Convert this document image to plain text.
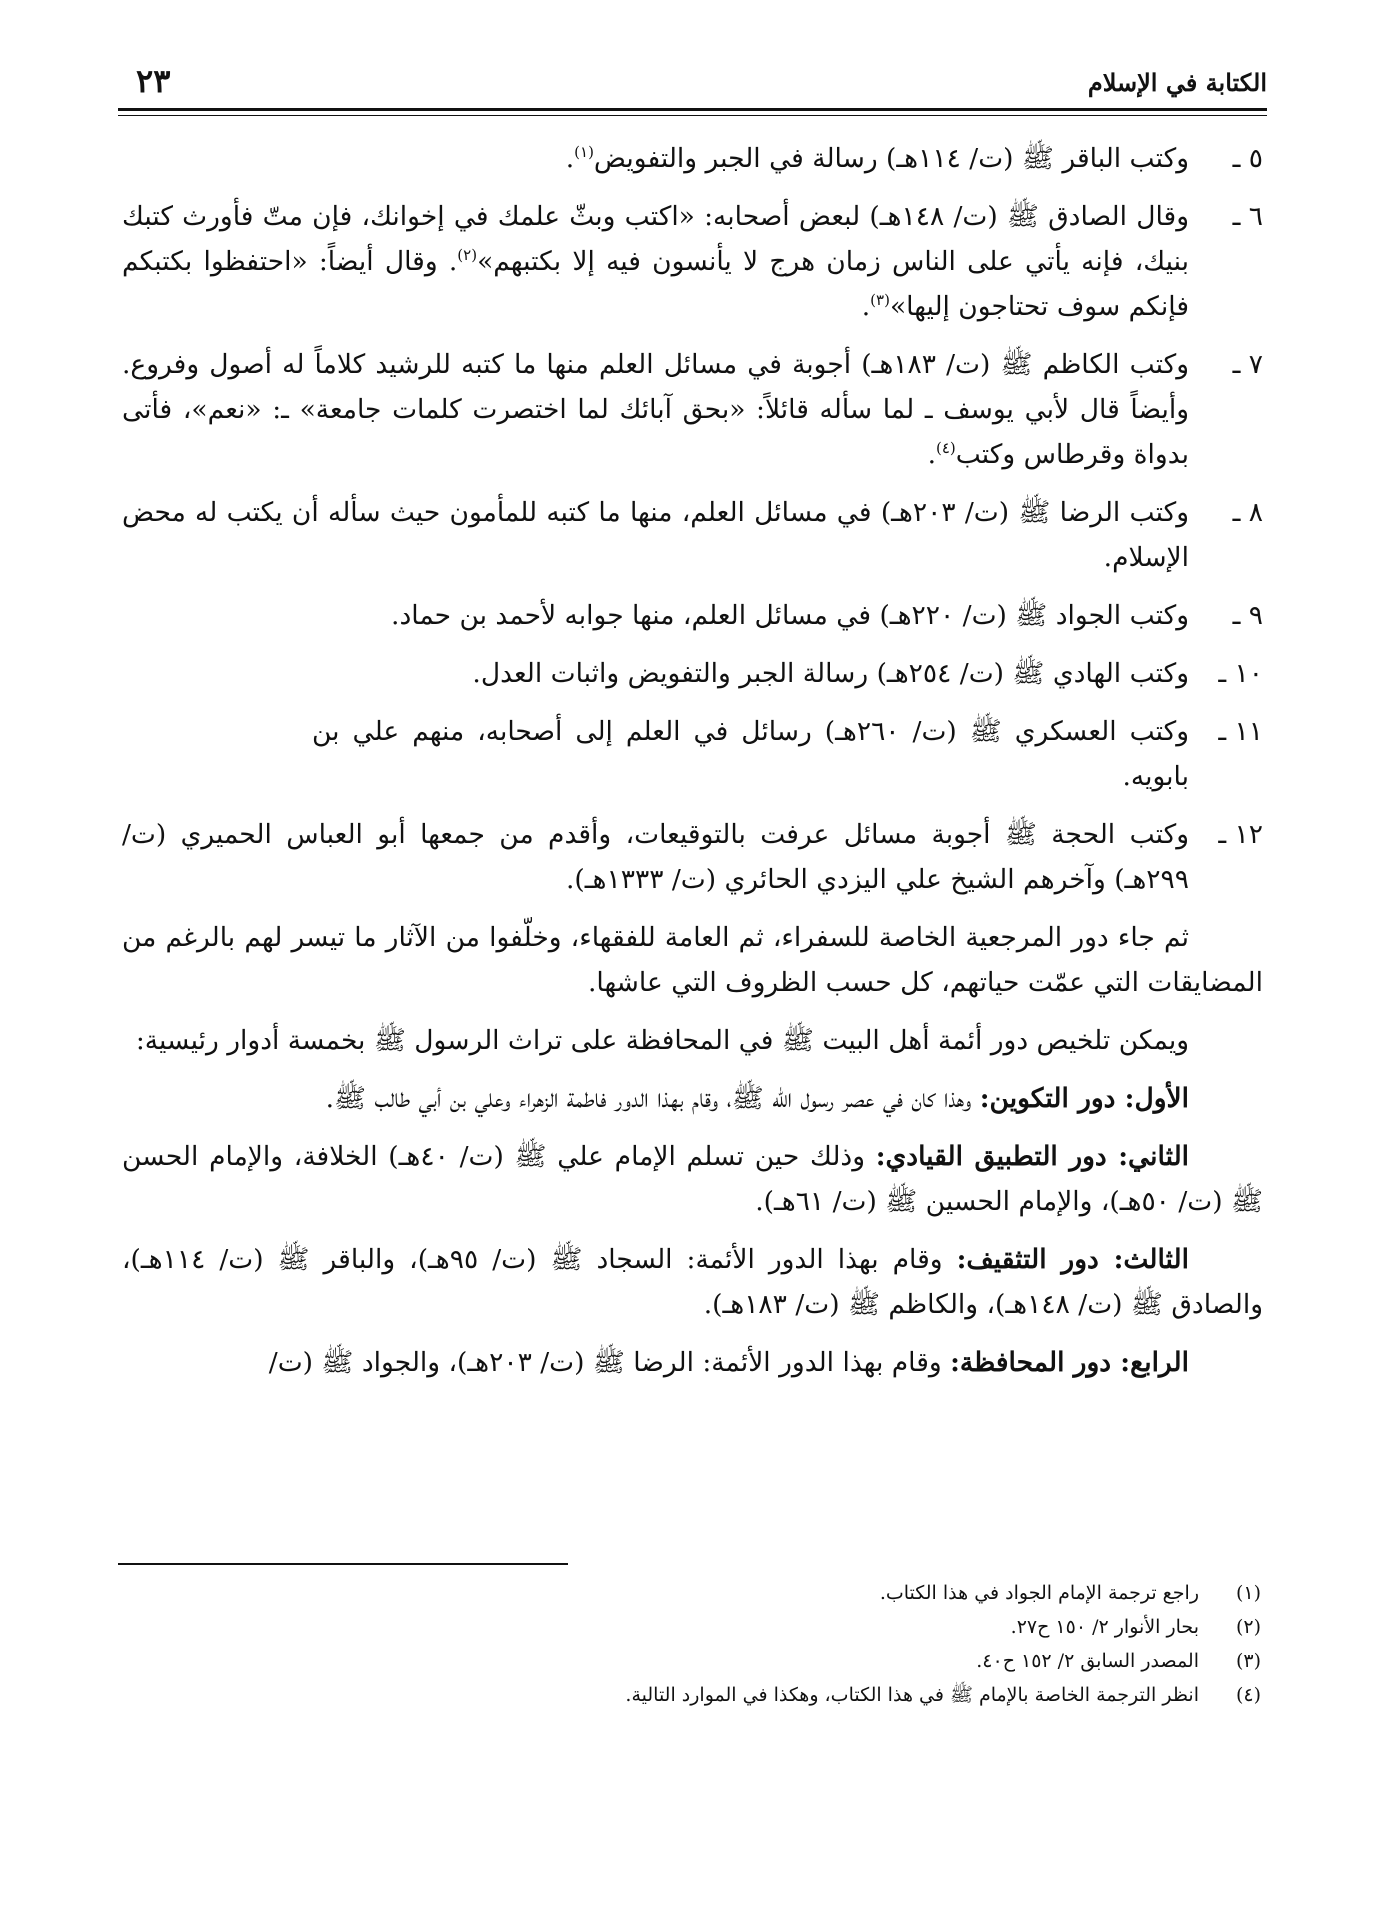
الكتابة في الإسلام
٢٣
٥ ـ
وكتب الباقر ﷺ (ت/ ١١٤هـ) رسالة في الجبر والتفويض$^{(١)}$.
٦ ـ
وقال الصادق ﷺ (ت/ ١٤٨هـ) لبعض أصحابه: «اكتب وبثّ علمك في إخوانك، فإن متّ فأورث كتبك بنيك، فإنه يأتي على الناس زمان هرج لا يأنسون فيه إلا بكتبهم»$^{(٢)}$. وقال أيضاً: «احتفظوا بكتبكم فإنكم سوف تحتاجون إليها»$^{(٣)}$.
٧ ـ
وكتب الكاظم ﷺ (ت/ ١٨٣هـ) أجوبة في مسائل العلم منها ما كتبه للرشيد كلاماً له أصول وفروع. وأيضاً قال لأبي يوسف ـ لما سأله قائلاً: «بحق آبائك لما اختصرت كلمات جامعة» ـ: «نعم»، فأتى بدواة وقرطاس وكتب$^{(٤)}$.
٨ ـ
وكتب الرضا ﷺ (ت/ ٢٠٣هـ) في مسائل العلم، منها ما كتبه للمأمون حيث سأله أن يكتب له محض الإسلام.
٩ ـ
وكتب الجواد ﷺ (ت/ ٢٢٠هـ) في مسائل العلم، منها جوابه لأحمد بن حماد.
١٠ ـ
وكتب الهادي ﷺ (ت/ ٢٥٤هـ) رسالة الجبر والتفويض واثبات العدل.
١١ ـ
وكتب العسكري ﷺ (ت/ ٢٦٠هـ) رسائل في العلم إلى أصحابه، منهم علي بن بابويه.
١٢ ـ
وكتب الحجة ﷺ أجوبة مسائل عرفت بالتوقيعات، وأقدم من جمعها أبو العباس الحميري (ت/ ٢٩٩هـ) وآخرهم الشيخ علي اليزدي الحائري (ت/ ١٣٣٣هـ).
ثم جاء دور المرجعية الخاصة للسفراء، ثم العامة للفقهاء، وخلّفوا من الآثار ما تيسر لهم بالرغم من المضايقات التي عمّت حياتهم، كل حسب الظروف التي عاشها.
ويمكن تلخيص دور أئمة أهل البيت ﷺ في المحافظة على تراث الرسول ﷺ بخمسة أدوار رئيسية:
الأول: دور التكوين: وهذا كان في عصر رسول الله ﷺ، وقام بهذا الدور فاطمة الزهراء وعلي بن أبي طالب ﷺ.
الثاني: دور التطبيق القيادي: وذلك حين تسلم الإمام علي ﷺ (ت/ ٤٠هـ) الخلافة، والإمام الحسن ﷺ (ت/ ٥٠هـ)، والإمام الحسين ﷺ (ت/ ٦١هـ).
الثالث: دور التثقيف: وقام بهذا الدور الأئمة: السجاد ﷺ (ت/ ٩٥هـ)، والباقر ﷺ (ت/ ١١٤هـ)، والصادق ﷺ (ت/ ١٤٨هـ)، والكاظم ﷺ (ت/ ١٨٣هـ).
الرابع: دور المحافظة: وقام بهذا الدور الأئمة: الرضا ﷺ (ت/ ٢٠٣هـ)، والجواد ﷺ (ت/
(١)
راجع ترجمة الإمام الجواد في هذا الكتاب.
(٢)
بحار الأنوار ٢/ ١٥٠ ح٢٧.
(٣)
المصدر السابق ٢/ ١٥٢ ح٤٠.
(٤)
انظر الترجمة الخاصة بالإمام ﷺ في هذا الكتاب، وهكذا في الموارد التالية.
